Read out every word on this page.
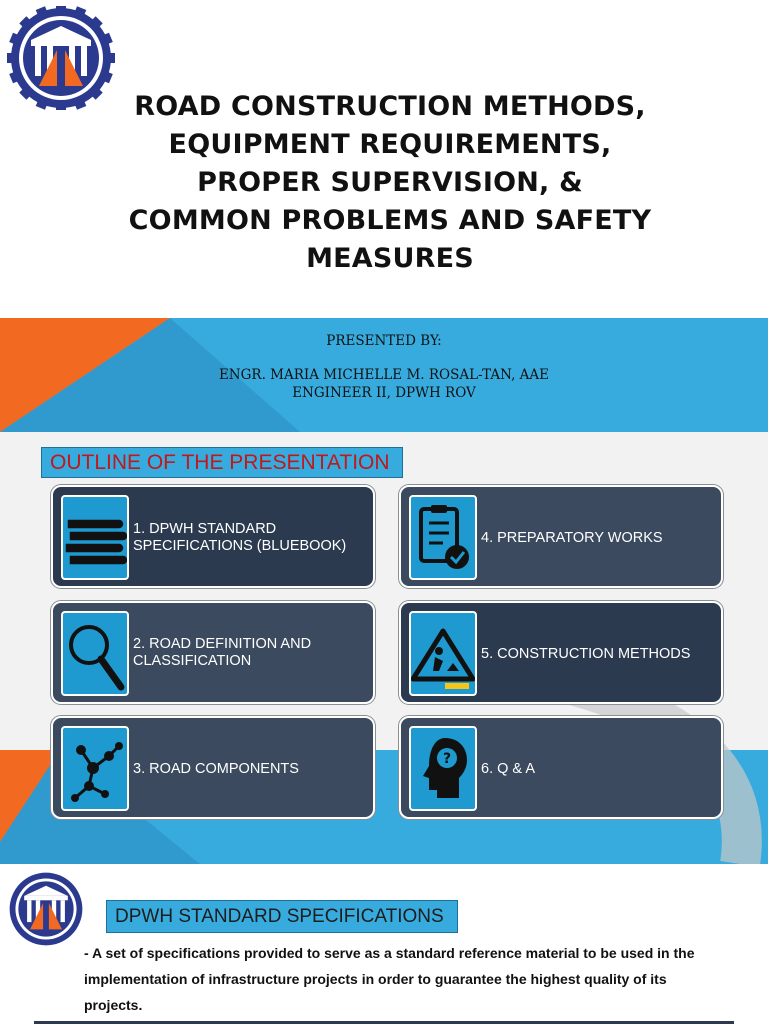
ROAD CONSTRUCTION METHODS,
EQUIPMENT REQUIREMENTS,
PROPER SUPERVISION, &
COMMON PROBLEMS AND SAFETY
MEASURES
PRESENTED BY:
ENGR. MARIA MICHELLE M. ROSAL-TAN, AAE
ENGINEER II, DPWH ROV
OUTLINE OF THE PRESENTATION
1. DPWH STANDARD
SPECIFICATIONS (BLUEBOOK)	4. PREPARATORY WORKS
2. ROAD DEFINITION AND
CLASSIFICATION	5. CONSTRUCTION METHODS
3. ROAD COMPONENTS
?
6. Q & A
DPWH STANDARD SPECIFICATIONS
- A set of specifications provided to serve as a standard reference material to be used in the implementation of infrastructure projects in order to guarantee the highest quality of its projects.
